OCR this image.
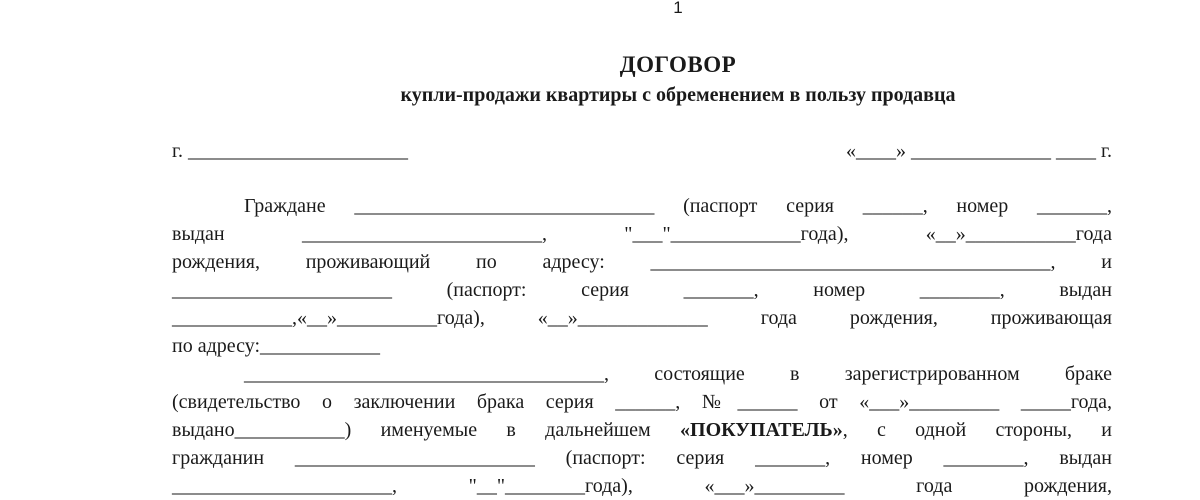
1
ДОГОВОР
купли-продажи квартиры с обременением в пользу продавца

г. ______________________

	«____» ______________ ____ г.

Граждане ______________________________ (паспорт серия ______, номер _______,
выдан ________________________, "___"_____________года), «__»___________года
рождения, проживающий по адресу: ________________________________________, и
______________________ (паспорт: серия _______, номер ________, выдан
____________,«__»__________года), «__»_____________ года рождения, проживающая
по адресу:____________
____________________________________, состоящие в зарегистрированном браке
(свидетельство о заключении брака серия ______, №______ от «___»_________ _____года,
выдано___________) именуемые в дальнейшем «ПОКУПАТЕЛЬ», с одной стороны, и
гражданин ________________________ (паспорт: серия _______, номер ________, выдан
______________________, "__"________года), «___»_________ года рождения,
